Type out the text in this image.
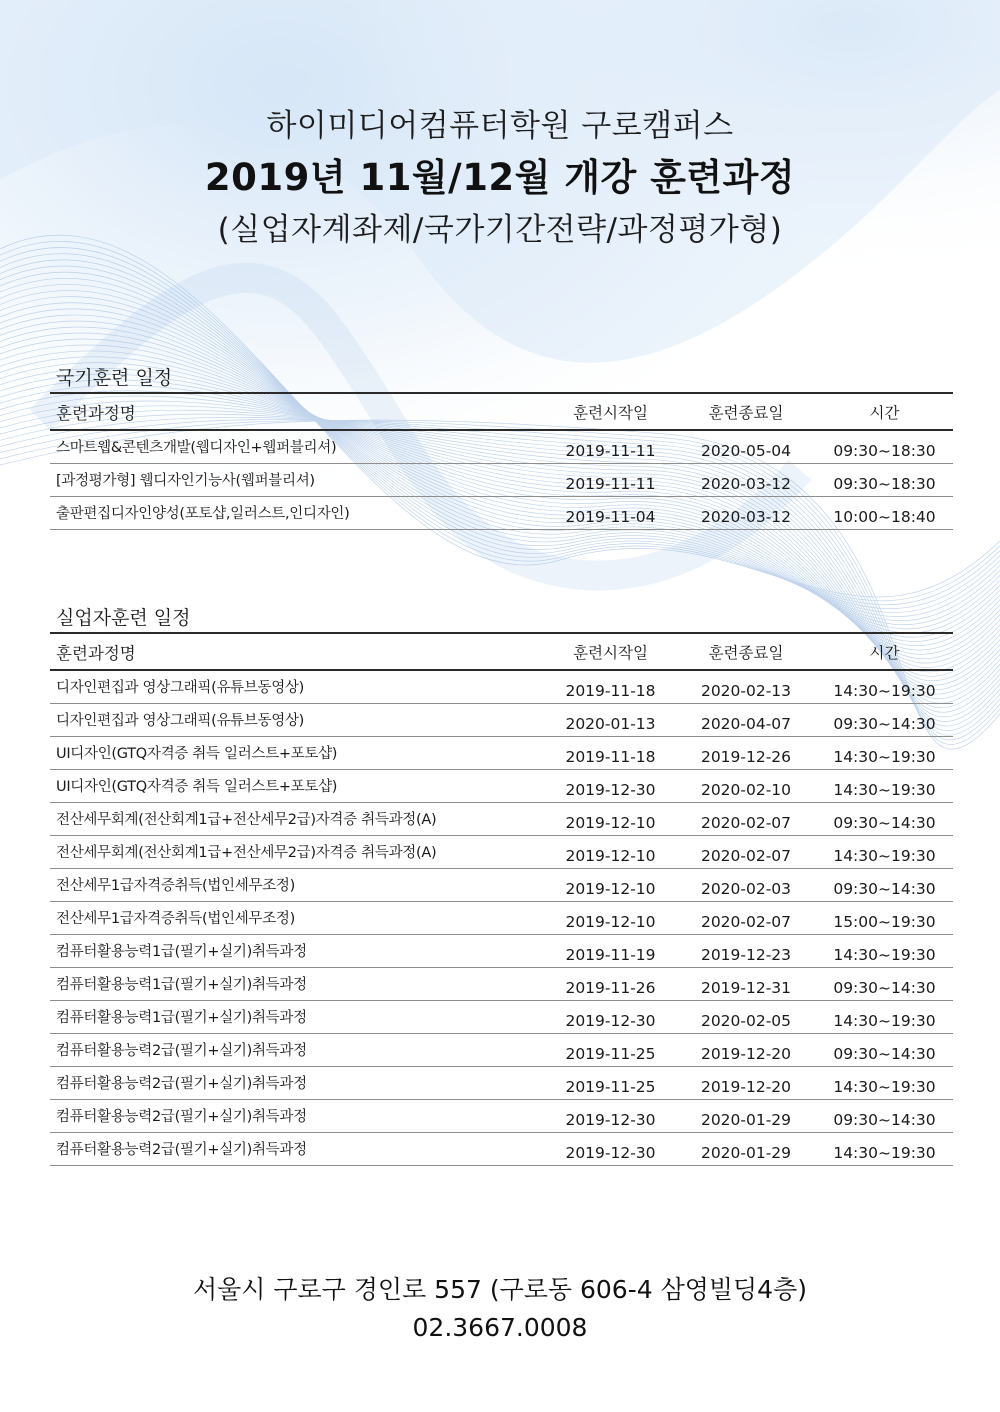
하이미디어컴퓨터학원 구로캠퍼스
2019년 11월/12월 개강 훈련과정
(실업자계좌제/국가기간전략/과정평가형)
국기훈련 일정
훈련과정명	훈련시작일	훈련종료일	시간
스마트웹&콘텐츠개발(웹디자인+웹퍼블리셔)	2019-11-11	2020-05-04	09:30~18:30
[과정평가형] 웹디자인기능사(웹퍼블리셔)	2019-11-11	2020-03-12	09:30~18:30
출판편집디자인양성(포토샵,일러스트,인디자인)	2019-11-04	2020-03-12	10:00~18:40
실업자훈련 일정
훈련과정명	훈련시작일	훈련종료일	시간
디자인편집과 영상그래픽(유튜브동영상)	2019-11-18	2020-02-13	14:30~19:30
디자인편집과 영상그래픽(유튜브동영상)	2020-01-13	2020-04-07	09:30~14:30
UI디자인(GTQ자격증 취득 일러스트+포토샵)	2019-11-18	2019-12-26	14:30~19:30
UI디자인(GTQ자격증 취득 일러스트+포토샵)	2019-12-30	2020-02-10	14:30~19:30
전산세무회계(전산회계1급+전산세무2급)자격증 취득과정(A)	2019-12-10	2020-02-07	09:30~14:30
전산세무회계(전산회계1급+전산세무2급)자격증 취득과정(A)	2019-12-10	2020-02-07	14:30~19:30
전산세무1급자격증취득(법인세무조정)	2019-12-10	2020-02-03	09:30~14:30
전산세무1급자격증취득(법인세무조정)	2019-12-10	2020-02-07	15:00~19:30
컴퓨터활용능력1급(필기+실기)취득과정	2019-11-19	2019-12-23	14:30~19:30
컴퓨터활용능력1급(필기+실기)취득과정	2019-11-26	2019-12-31	09:30~14:30
컴퓨터활용능력1급(필기+실기)취득과정	2019-12-30	2020-02-05	14:30~19:30
컴퓨터활용능력2급(필기+실기)취득과정	2019-11-25	2019-12-20	09:30~14:30
컴퓨터활용능력2급(필기+실기)취득과정	2019-11-25	2019-12-20	14:30~19:30
컴퓨터활용능력2급(필기+실기)취득과정	2019-12-30	2020-01-29	09:30~14:30
컴퓨터활용능력2급(필기+실기)취득과정	2019-12-30	2020-01-29	14:30~19:30
서울시 구로구 경인로 557 (구로동 606-4 삼영빌딩4층)
02.3667.0008
